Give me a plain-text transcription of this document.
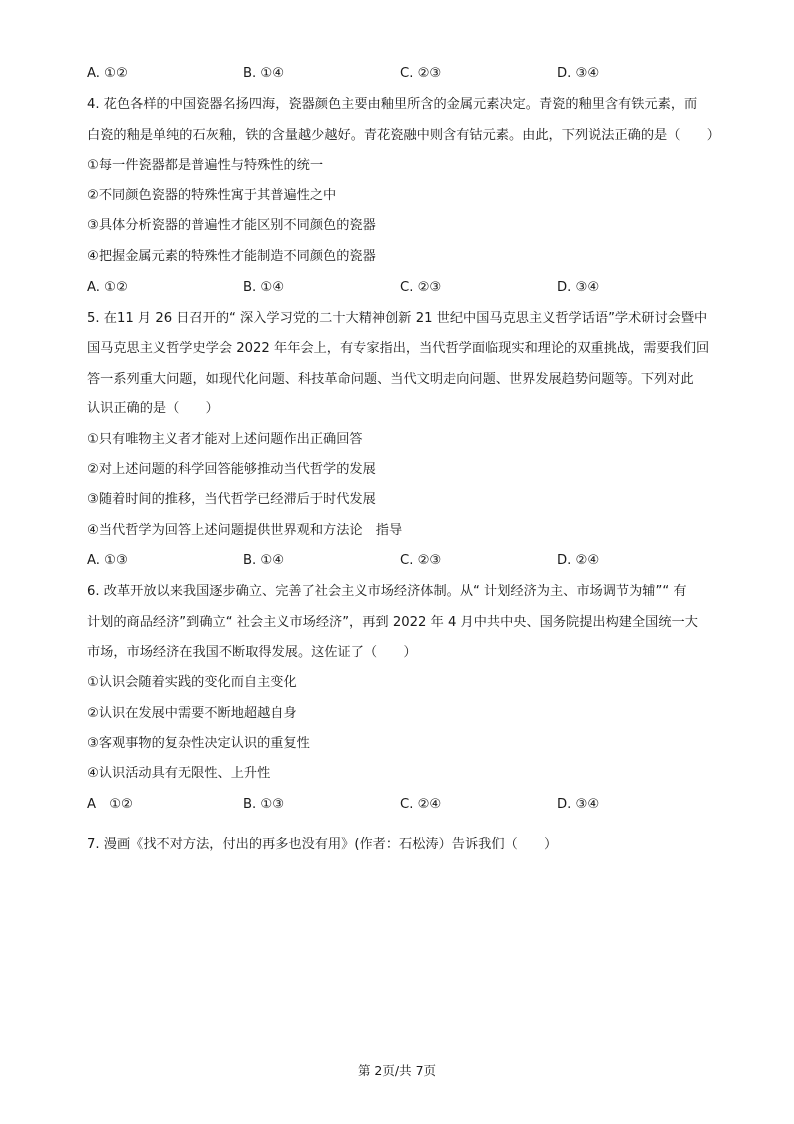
A. ①②	B. ①④	C. ②③	D. ③④
4. 花色各样的中国瓷器名扬四海，瓷器颜色主要由釉里所含的金属元素决定。青瓷的釉里含有铁元素，而
白瓷的釉是单纯的石灰釉，铁的含量越少越好。青花瓷融中则含有钴元素。由此，下列说法正确的是（　　）
①每一件瓷器都是普遍性与特殊性的统一
②不同颜色瓷器的特殊性寓于其普遍性之中
③具体分析瓷器的普遍性才能区别不同颜色的瓷器
④把握金属元素的特殊性才能制造不同颜色的瓷器
A. ①②	B. ①④	C. ②③	D. ③④
5. 在11 月 26 日召开的“ 深入学习党的二十大精神创新 21 世纪中国马克思主义哲学话语”学术研讨会暨中
国马克思主义哲学史学会 2022 年年会上，有专家指出，当代哲学面临现实和理论的双重挑战，需要我们回
答一系列重大问题，如现代化问题、科技革命问题、当代文明走向问题、世界发展趋势问题等。下列对此
认识正确的是（　　）
①只有唯物主义者才能对上述问题作出正确回答
②对上述问题的科学回答能够推动当代哲学的发展
③随着时间的推移，当代哲学已经滞后于时代发展
④当代哲学为回答上述问题提供世界观和方法论　指导
A. ①③	B. ①④	C. ②③	D. ②④
6. 改革开放以来我国逐步确立、完善了社会主义市场经济体制。从“ 计划经济为主、市场调节为辅”“ 有
计划的商品经济”到确立“ 社会主义市场经济”，再到 2022 年 4 月中共中央、国务院提出构建全国统一大
市场，市场经济在我国不断取得发展。这佐证了（　　）
①认识会随着实践的变化而自主变化
②认识在发展中需要不断地超越自身
③客观事物的复杂性决定认识的重复性
④认识活动具有无限性、上升性
A　①②	B. ①③	C. ②④	D. ③④
7. 漫画《找不对方法，付出的再多也没有用》(作者：石松涛）告诉我们（　　）
第 2页/共 7页
